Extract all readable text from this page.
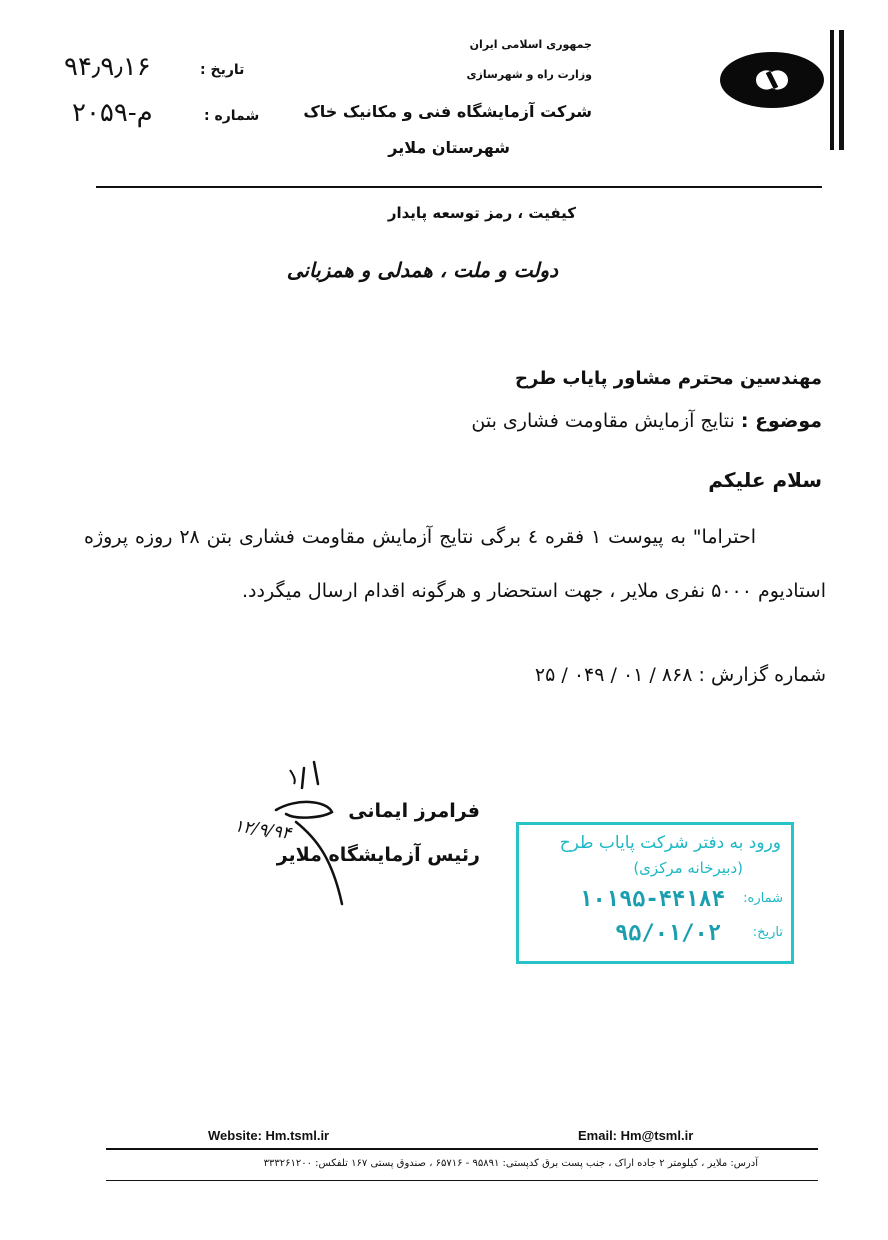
جمهوری اسلامی ایران
وزارت راه و شهرسازی
شرکت آزمایشگاه فنی و مکانیک خاک
شهرستان ملایر
تاریخ :
۹۴٫۹٫۱۶
شماره :
م-۲۰۵۹
کیفیت ، رمز توسعه پایدار
دولت و ملت ، همدلی و همزبانی
مهندسین محترم مشاور پایاب طرح
موضوع : نتایج آزمایش مقاومت فشاری بتن
سلام علیکم
احتراما" به پیوست ۱ فقره ٤ برگی نتایج آزمایش مقاومت فشاری بتن ۲۸ روزه پروژه استادیوم ۵۰۰۰ نفری ملایر ، جهت استحضار و هرگونه اقدام ارسال میگردد.
شماره گزارش : ۸۶۸ / ۰۱ / ۰۴۹ / ۲۵
۱۲/۹/۹۴
فرامرز ایمانی
رئیس آزمایشگاه ملایر
ورود به دفتر شرکت پایاب طرح
(دبیرخانه مرکزی)
شماره:
۱۰۱۹۵-۴۴۱۸۴
تاریخ:
۹۵/۰۱/۰۲
Website: Hm.tsml.ir	Email: Hm@tsml.ir
آدرس: ملایر ، کیلومتر ۲ جاده اراک ، جنب پست برق کدپستی: ۹۵۸۹۱ - ۶۵۷۱۶ ، صندوق پستی ۱۶۷ تلفکس: ۳۳۳۲۶۱۲۰۰
